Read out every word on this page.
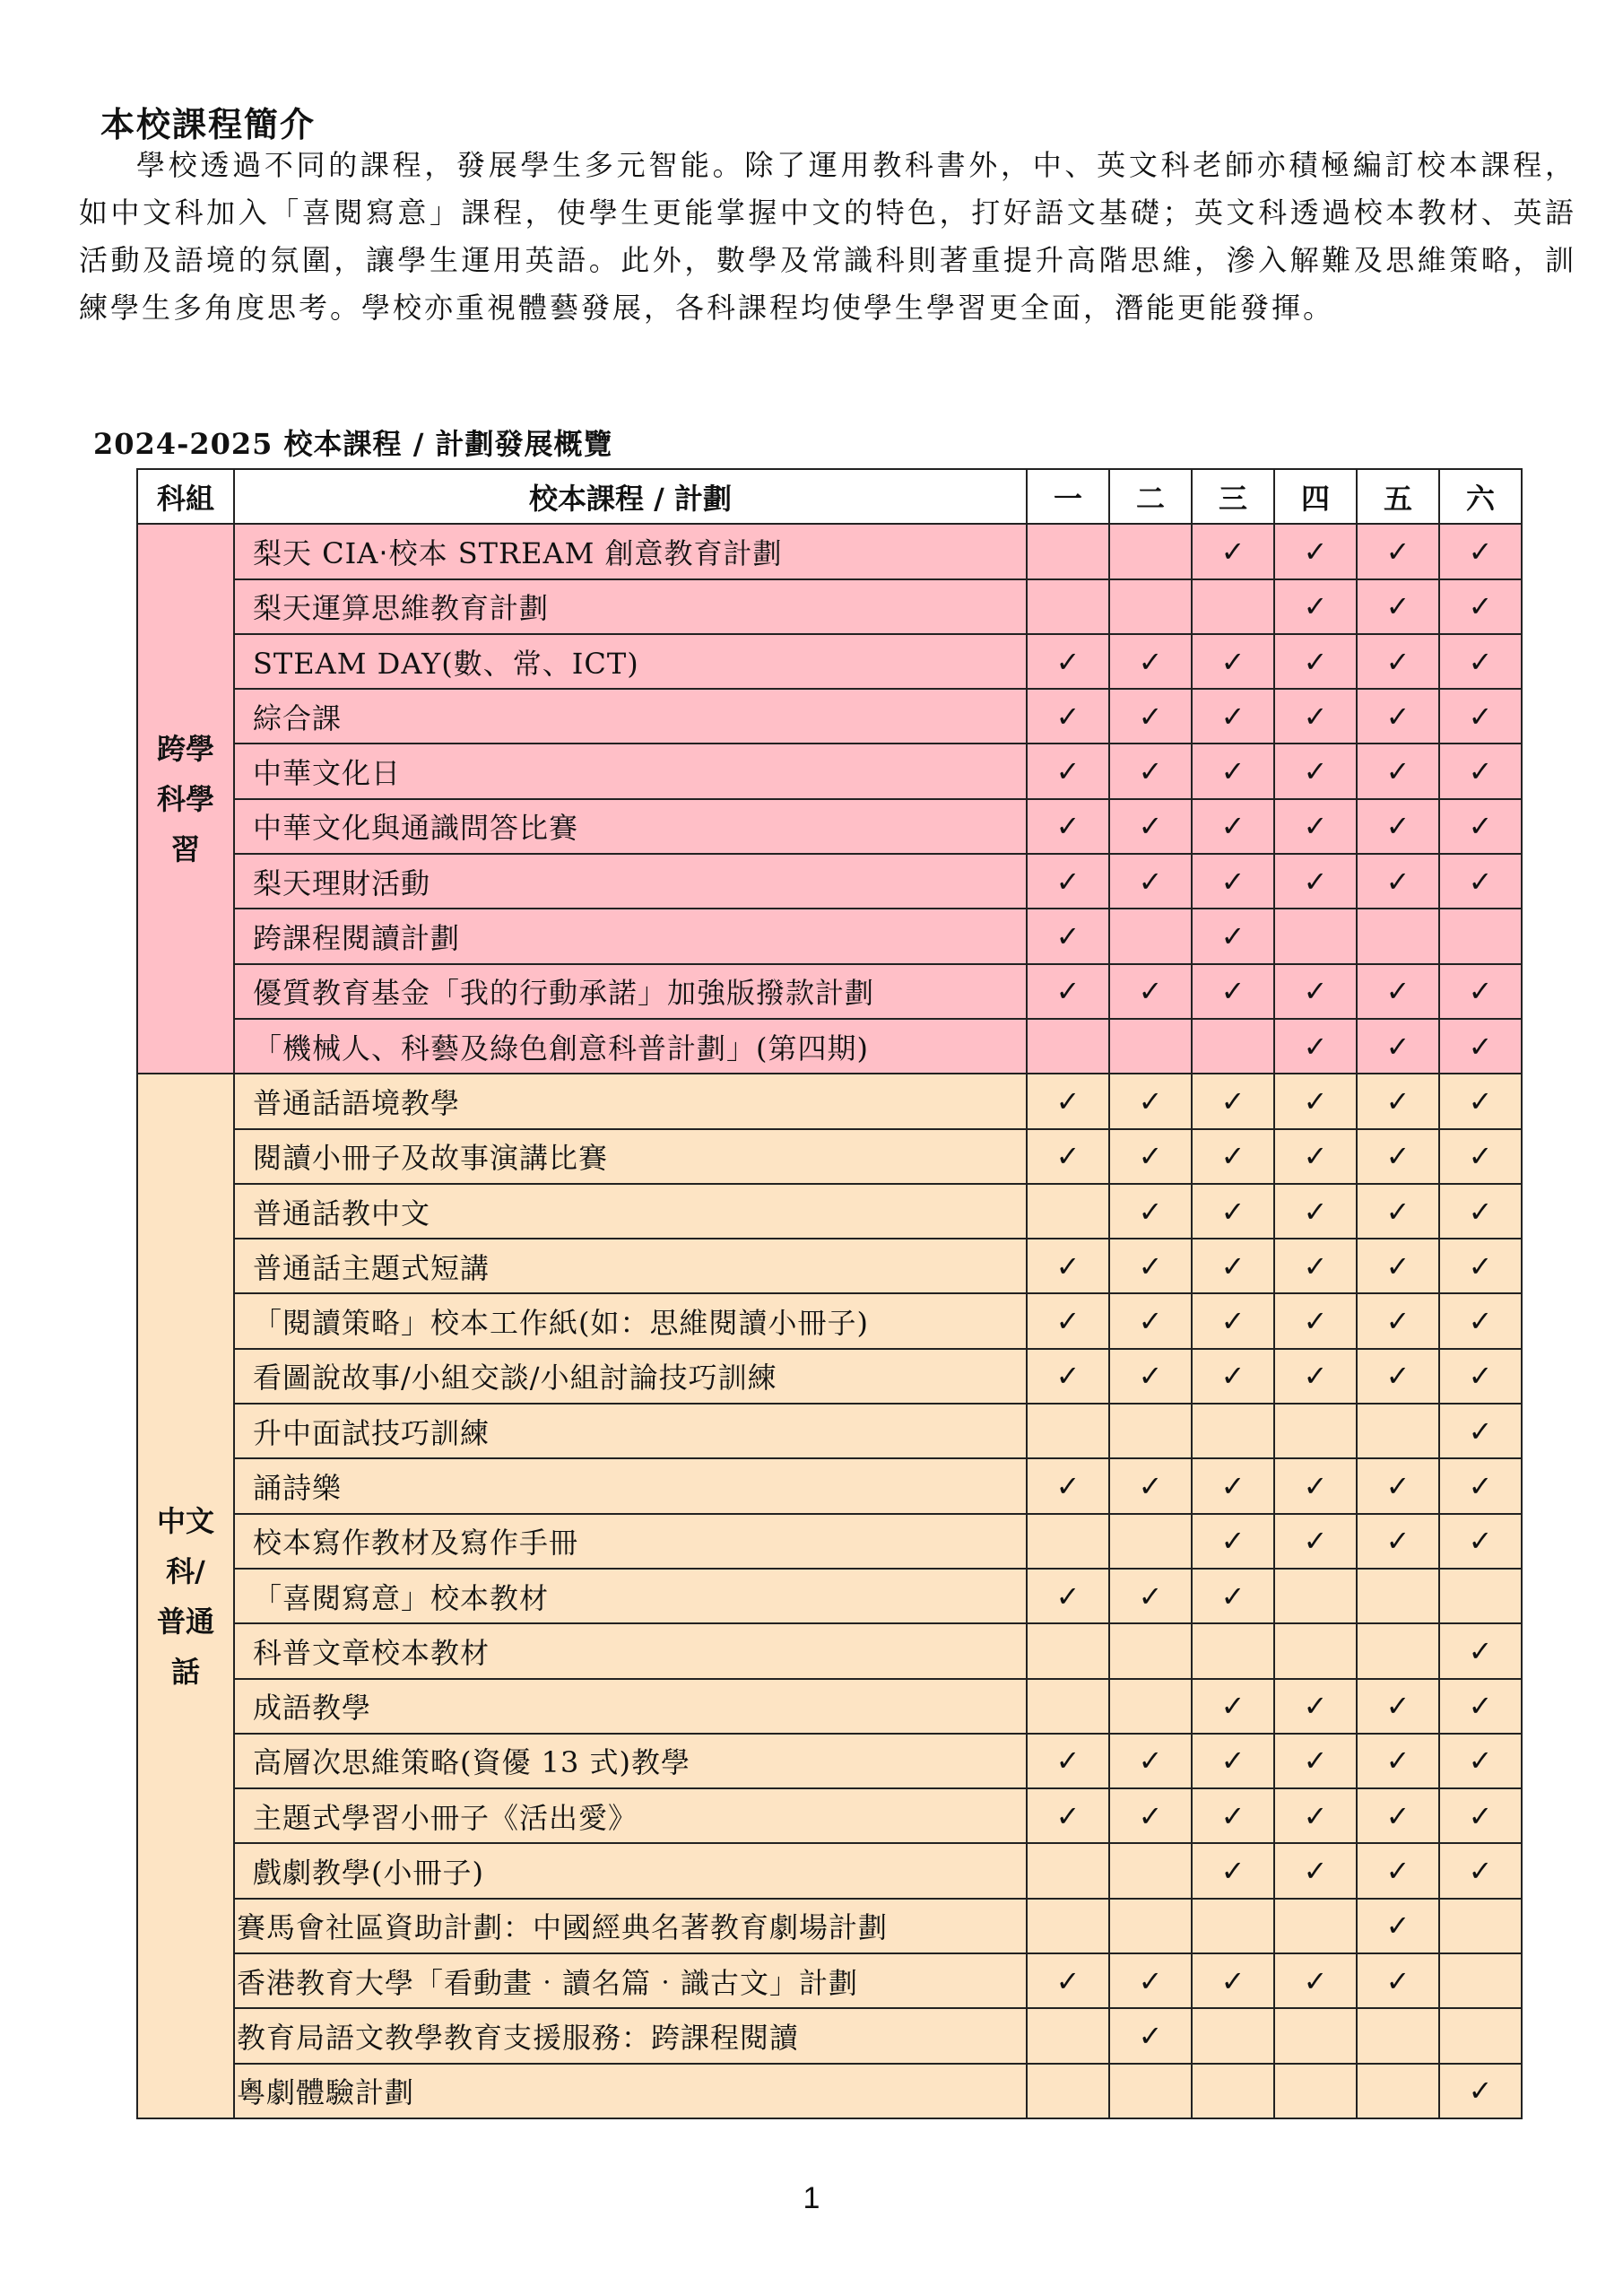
本校課程簡介

學校透過不同的課程，發展學生多元智能。除了運用教科書外，中、英文科老師亦積極編訂校本課程，如中文科加入「喜閱寫意」課程，使學生更能掌握中文的特色，打好語文基礎；英文科透過校本教材、英語活動及語境的氛圍，讓學生運用英語。此外，數學及常識科則著重提升高階思維，滲入解難及思維策略，訓練學生多角度思考。學校亦重視體藝發展，各科課程均使學生學習更全面，潛能更能發揮。

2024-2025 校本課程 / 計劃發展概覽
科組	校本課程 / 計劃	一	二	三	四	五	六

跨學
科學
習	梨天 CIA‧校本 STREAM 創意教育計劃			✓	✓	✓	✓
	梨天運算思維教育計劃				✓	✓	✓
	STEAM DAY(數、常、ICT)	✓	✓	✓	✓	✓	✓
	綜合課	✓	✓	✓	✓	✓	✓
	中華文化日	✓	✓	✓	✓	✓	✓
	中華文化與通識問答比賽	✓	✓	✓	✓	✓	✓
	梨天理財活動	✓	✓	✓	✓	✓	✓
	跨課程閱讀計劃	✓		✓			
	優質教育基金「我的行動承諾」加強版撥款計劃	✓	✓	✓	✓	✓	✓
	「機械人、科藝及綠色創意科普計劃」(第四期)				✓	✓	✓

中文
科/
普通
話	普通話語境教學	✓	✓	✓	✓	✓	✓
	閱讀小冊子及故事演講比賽	✓	✓	✓	✓	✓	✓
	普通話教中文		✓	✓	✓	✓	✓
	普通話主題式短講	✓	✓	✓	✓	✓	✓
	「閱讀策略」校本工作紙(如：思維閱讀小冊子)	✓	✓	✓	✓	✓	✓
	看圖說故事/小組交談/小組討論技巧訓練	✓	✓	✓	✓	✓	✓
	升中面試技巧訓練						✓
	誦詩樂	✓	✓	✓	✓	✓	✓
	校本寫作教材及寫作手冊			✓	✓	✓	✓
	「喜閱寫意」校本教材	✓	✓	✓			
	科普文章校本教材						✓
	成語教學			✓	✓	✓	✓
	高層次思維策略(資優 13 式)教學	✓	✓	✓	✓	✓	✓
	主題式學習小冊子《活出愛》	✓	✓	✓	✓	✓	✓
	戲劇教學(小冊子)			✓	✓	✓	✓
	賽馬會社區資助計劃：中國經典名著教育劇場計劃					✓	
	香港教育大學「看動畫‧讀名篇‧識古文」計劃	✓	✓	✓	✓	✓	
	教育局語文教學教育支援服務：跨課程閱讀		✓				
	粵劇體驗計劃						✓
1
